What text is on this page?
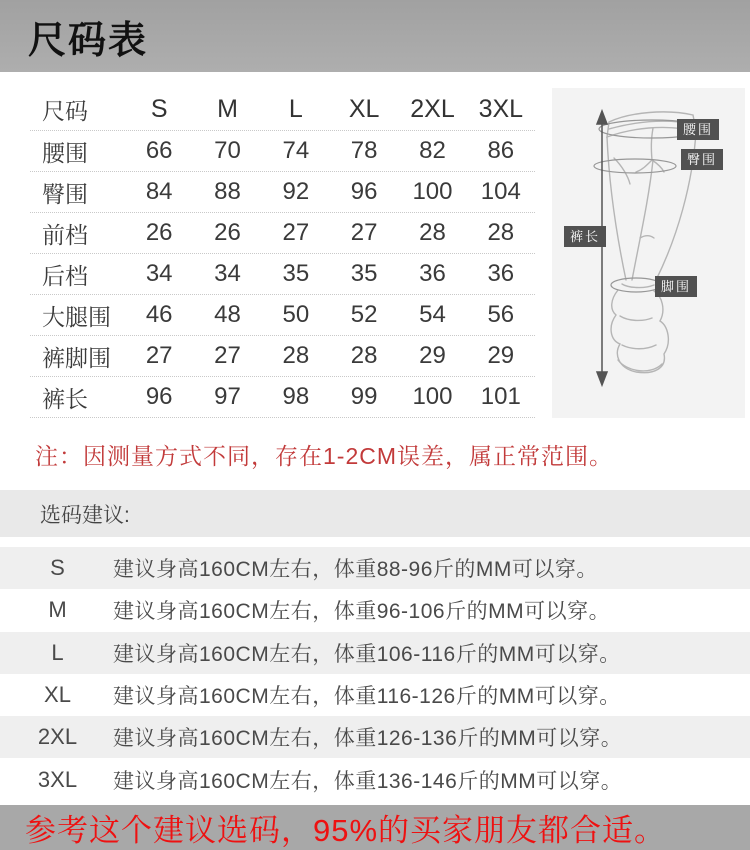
尺码表
尺码	S	M	L	XL	2XL 3XL
腰围	66	70	74	78	82	86
臀围	84	88	92	96	100	104
前档	26	26	27	27	28	28
后档	34	34	35	35	36	36
大腿围	46	48	50	52	54	56
裤脚围	27	27	28	28	29	29
裤长	96	97	98	99	100	101
腰围
臀围
裤长
脚围
注：因测量方式不同，存在1-2CM误差，属正常范围。
选码建议:
S	建议身高160CM左右，体重88-96斤的MM可以穿。
M	建议身高160CM左右，体重96-106斤的MM可以穿。
L	建议身高160CM左右，体重106-116斤的MM可以穿。
XL	建议身高160CM左右，体重116-126斤的MM可以穿。
2XL	建议身高160CM左右，体重126-136斤的MM可以穿。
3XL	建议身高160CM左右，体重136-146斤的MM可以穿。
参考这个建议选码，95%的买家朋友都合适。
